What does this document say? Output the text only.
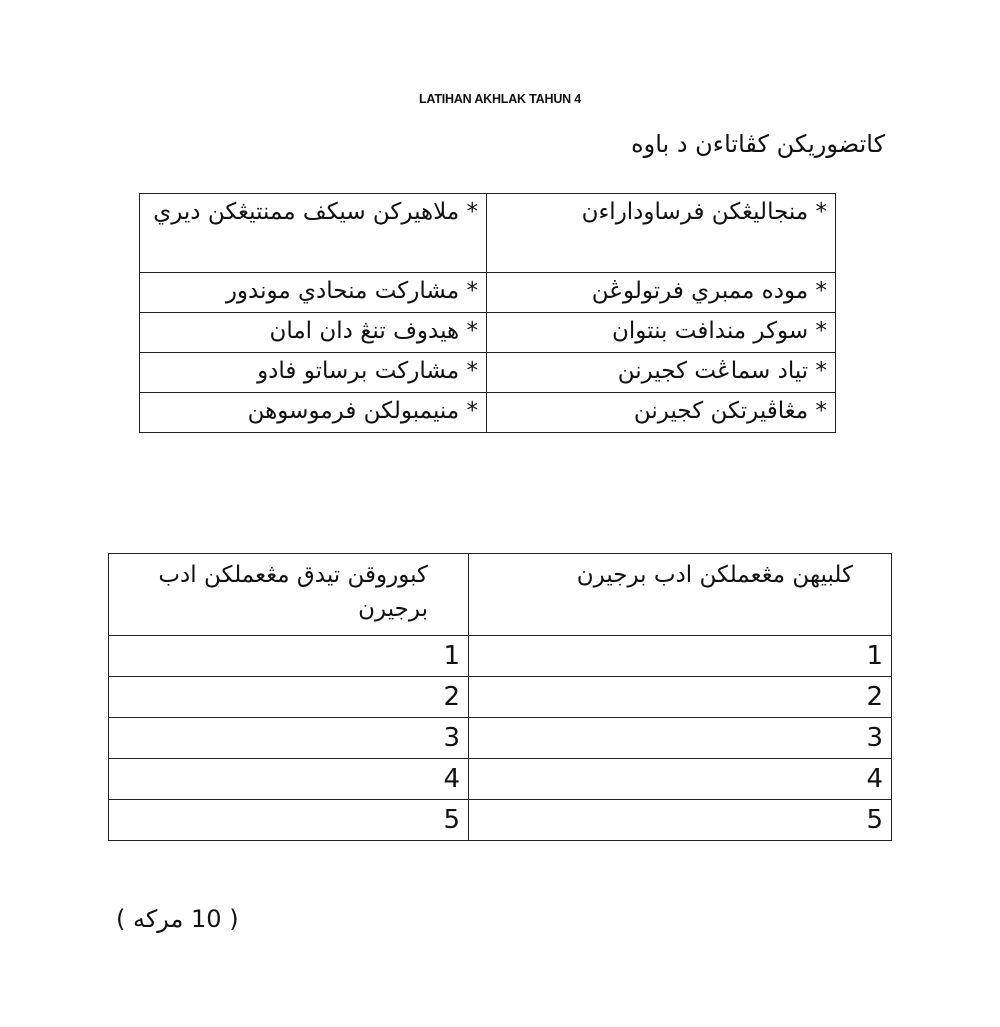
LATIHAN AKHLAK TAHUN 4
كاتضوريكن كڤاتاءن د باوه
* منجاليڠكن فرساوداراءن	* ملاهيركن سيكف ممنتيڠكن ديري
* موده ممبري فرتولوڠن	* مشاركت منحادي موندور
* سوكر مندافت بنتوان	* هيدوف تنڠ دان امان
* تياد سماڠت كجيرنن	* مشاركت برساتو فادو
* مڠاڤيرتكن كجيرنن	* منيمبولكن فرموسوهن
كلبيهن مڠعملكن ادب برجيرن	كبوروقن تيدق مڠعملكن ادب برجيرن
1	1
2	2
3	3
4	4
5	5
( 10 مركه )
